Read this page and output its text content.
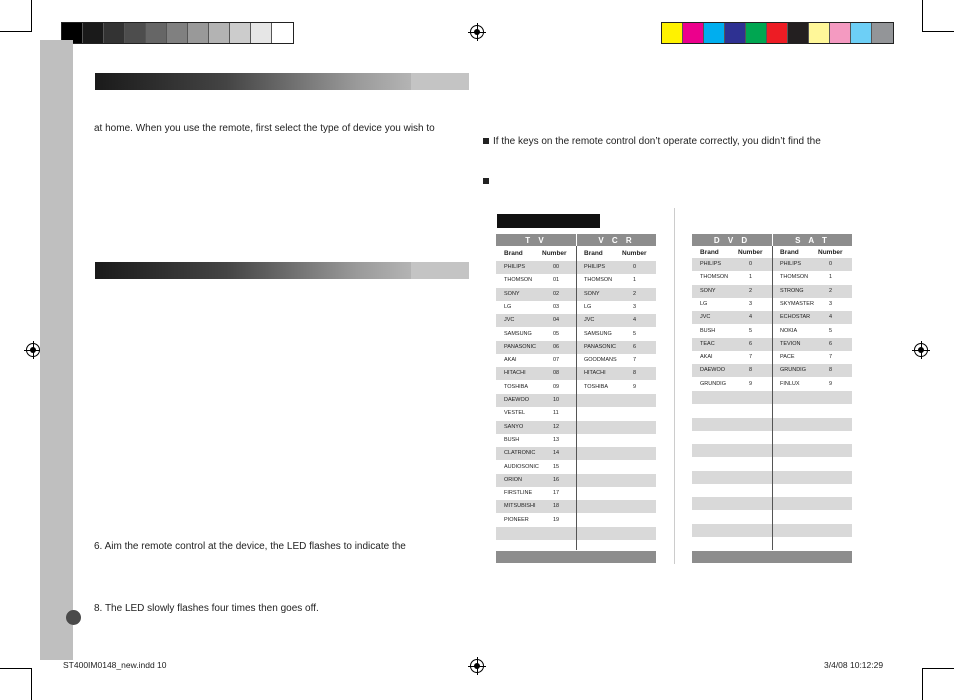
at home. When you use the remote, first select the type of device you wish to
6. Aim the remote control at the device, the LED flashes to indicate the
8. The LED slowly flashes four times then goes off.
If the keys on the remote control don’t operate correctly, you didn’t find the
T V	V C R
Brand	Number	Brand	Number
PHILIPS	00	PHILIPS	0
THOMSON	01	THOMSON	1
SONY	02	SONY	2
LG	03	LG	3
JVC	04	JVC	4
SAMSUNG	05	SAMSUNG	5
PANASONIC	06	PANASONIC	6
AKAI	07	GOODMANS	7
HITACHI	08	HITACHI	8
TOSHIBA	09	TOSHIBA	9
DAEWOO	10
VESTEL	11
SANYO	12
BUSH	13
CLATRONIC	14
AUDIOSONIC	15
ORION	16
FIRSTLINE	17
MITSUBISHI	18
PIONEER	19
D V D	S A T
Brand	Number	Brand	Number
PHILIPS	0	PHILIPS	0
THOMSON	1	THOMSON	1
SONY	2	STRONG	2
LG	3	SKYMASTER	3
JVC	4	ECHOSTAR	4
BUSH	5	NOKIA	5
TEAC	6	TEVION	6
AKAI	7	PACE	7
DAEWOO	8	GRUNDIG	8
GRUNDIG	9	FINLUX	9
ST400IM0148_new.indd 10	3/4/08 10:12:29
